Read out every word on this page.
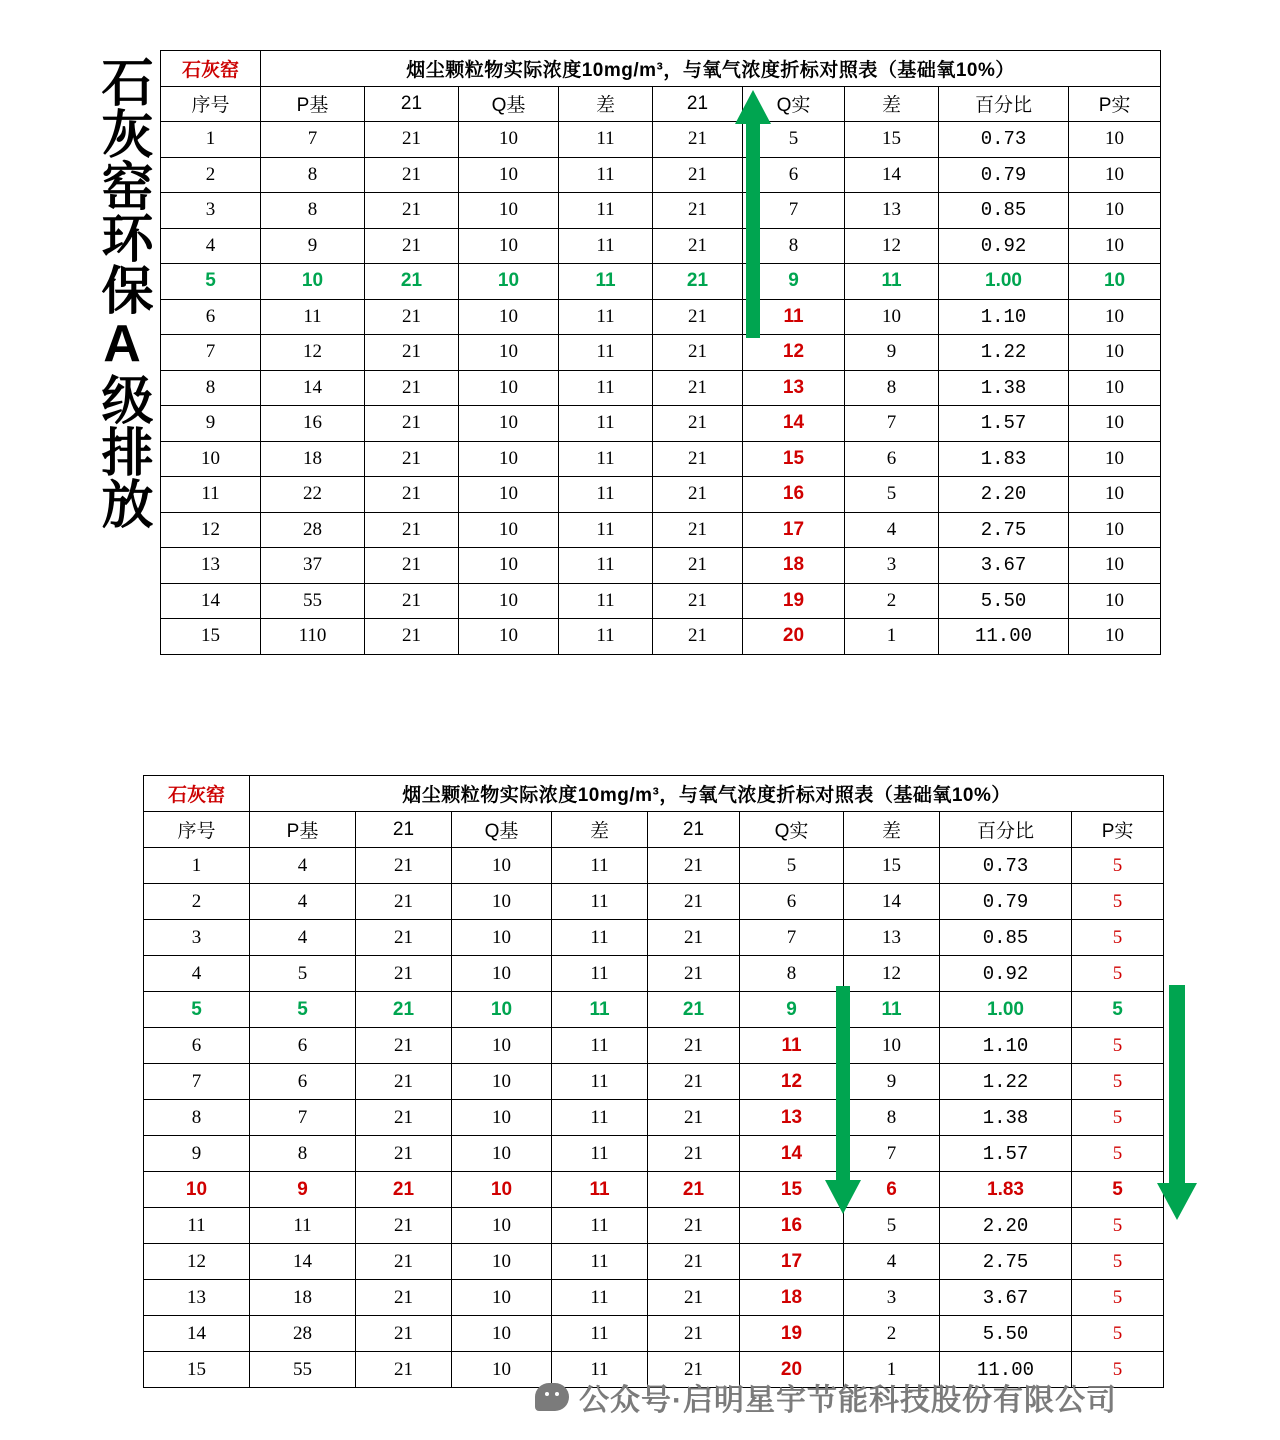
石灰窑环保A级排放 石灰窑	烟尘颗粒物实际浓度10mg/m³，与氧气浓度折标对照表（基础氧10%）								
序号	P基	21	Q基	差	21	Q实	差	百分比	P实
1	7	21	10	11	21	5	15	0.73	10
2	8	21	10	11	21	6	14	0.79	10
3	8	21	10	11	21	7	13	0.85	10
4	9	21	10	11	21	8	12	0.92	10
5	10	21	10	11	21	9	11	1.00	10
6	11	21	10	11	21	11	10	1.10	10
7	12	21	10	11	21	12	9	1.22	10
8	14	21	10	11	21	13	8	1.38	10
9	16	21	10	11	21	14	7	1.57	10
10	18	21	10	11	21	15	6	1.83	10
11	22	21	10	11	21	16	5	2.20	10
12	28	21	10	11	21	17	4	2.75	10
13	37	21	10	11	21	18	3	3.67	10
14	55	21	10	11	21	19	2	5.50	10
15	110	21	10	11	21	20	1	11.00	10
石灰窑	烟尘颗粒物实际浓度10mg/m³，与氧气浓度折标对照表（基础氧10%）								
序号	P基	21	Q基	差	21	Q实	差	百分比	P实
1	4	21	10	11	21	5	15	0.73	5
2	4	21	10	11	21	6	14	0.79	5
3	4	21	10	11	21	7	13	0.85	5
4	5	21	10	11	21	8	12	0.92	5
5	5	21	10	11	21	9	11	1.00	5
6	6	21	10	11	21	11	10	1.10	5
7	6	21	10	11	21	12	9	1.22	5
8	7	21	10	11	21	13	8	1.38	5
9	8	21	10	11	21	14	7	1.57	5
10	9	21	10	11	21	15	6	1.83	5
11	11	21	10	11	21	16	5	2.20	5
12	14	21	10	11	21	17	4	2.75	5
13	18	21	10	11	21	18	3	3.67	5
14	28	21	10	11	21	19	2	5.50	5
15	55	21	10	11	21	20	1	11.00	5
公众号·启明星宇节能科技股份有限公司
